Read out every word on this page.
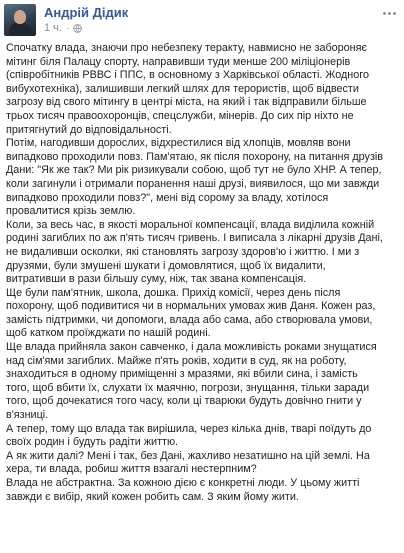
Андрій Дідик
1 ч. ·

Спочатку влада, знаючи про небезпеку теракту, навмисно не забороняє
мітинг біля Палацу спорту, направивши туди менше 200 міліціонерів
(співробітників РВВС і ППС, в основному з Харківської області. Жодного
вибухотехніка), залишивши легкий шлях для терористів, щоб відвести
загрозу від свого мітингу в центрі міста, на який і так відправили більше
трьох тисяч правоохоронців, спецслужби, мінерів. До сих пір ніхто не
притягнутий до відповідальності.

Потім, нагодивши дорослих, відхрестилися від хлопців, мовляв вони
випадково проходили повз. Пам'ятаю, як після похорону, на питання друзів
Дани: "Як же так? Ми рік ризикували собою, щоб тут не було ХНР. А тепер,
коли загинули і отримали поранення наші друзі, виявилося, що ми завжди
випадково проходили повз?", мені від сорому за владу, хотілося
провалитися крізь землю.

Коли, за весь час, в якості моральної компенсації, влада виділила кожній
родині загиблих по аж п'ять тисяч гривень. І виписала з лікарні друзів Дані,
не видаливши осколки, які становлять загрозу здоров'ю і життю. І ми з
друзями, були змушені шукати і домовлятися, щоб їх видалити,
витративши в рази більшу суму, ніж, так звана компенсація.

Ще були пам'ятник, школа, дошка. Прихід комісії, через день після
похорону, щоб подивитися чи в нормальних умовах жив Даня. Кожен раз,
замість підтримки, чи допомоги, влада або сама, або створювала умови,
щоб катком проїжджати по нашій родині.

Ще влада прийняла закон савченко, і дала можливість роками знущатися
над сім'ями загиблих. Майже п'ять років, ходити в суд, як на роботу,
знаходиться в одному приміщенні з мразями, які вбили сина, і замість
того, щоб вбити їх, слухати їх маячню, погрози, знущання, тільки заради
того, щоб дочекатися того часу, коли ці тварюки будуть довічно гнити у
в'язниці.

А тепер, тому що влада так вирішила, через кілька днів, тварі поїдуть до
своїх родин і будуть радіти життю.

А як жити далі? Мені і так, без Дані, жахливо незатишно на цій землі. На
хера, ти влада, робиш життя взагалі нестерпним?

Влада не абстрактна. За кожною дією є конкретні люди. У цьому житті
завжди є вибір, який кожен робить сам. З яким йому жити.
